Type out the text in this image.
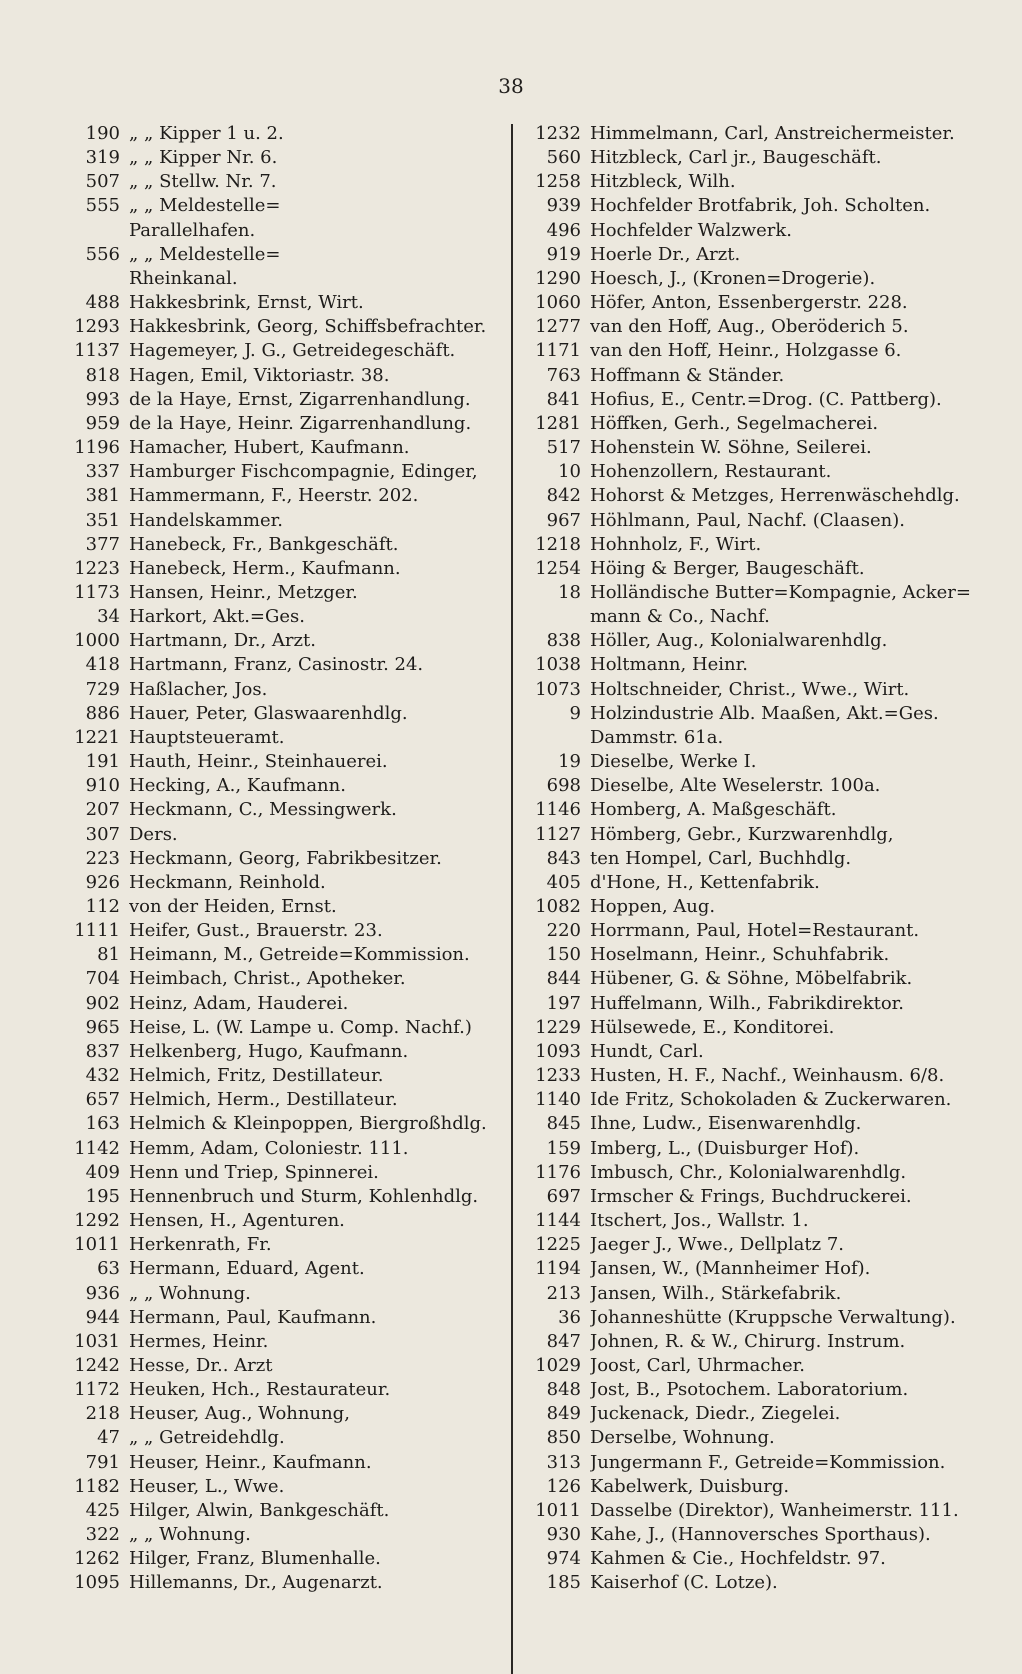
38
190 „ „ Kipper 1 u. 2.
319 „ „ Kipper Nr. 6.
507 „ „ Stellw. Nr. 7.
555 „ „ Meldestelle=
Parallelhafen.
556 „ „ Meldestelle=
Rheinkanal.
488 Hakkesbrink, Ernst, Wirt.
1293 Hakkesbrink, Georg, Schiffsbefrachter.
1137 Hagemeyer, J. G., Getreidegeschäft.
818 Hagen, Emil, Viktoriastr. 38.
993 de la Haye, Ernst, Zigarrenhandlung.
959 de la Haye, Heinr. Zigarrenhandlung.
1196 Hamacher, Hubert, Kaufmann.
337 Hamburger Fischcompagnie, Edinger,
381 Hammermann, F., Heerstr. 202.
351 Handelskammer.
377 Hanebeck, Fr., Bankgeschäft.
1223 Hanebeck, Herm., Kaufmann.
1173 Hansen, Heinr., Metzger.
34 Harkort, Akt.=Ges.
1000 Hartmann, Dr., Arzt.
418 Hartmann, Franz, Casinostr. 24.
729 Haßlacher, Jos.
886 Hauer, Peter, Glaswaarenhdlg.
1221 Hauptsteueramt.
191 Hauth, Heinr., Steinhauerei.
910 Hecking, A., Kaufmann.
207 Heckmann, C., Messingwerk.
307 Ders.
223 Heckmann, Georg, Fabrikbesitzer.
926 Heckmann, Reinhold.
112 von der Heiden, Ernst.
1111 Heifer, Gust., Brauerstr. 23.
81 Heimann, M., Getreide=Kommission.
704 Heimbach, Christ., Apotheker.
902 Heinz, Adam, Hauderei.
965 Heise, L. (W. Lampe u. Comp. Nachf.)
837 Helkenberg, Hugo, Kaufmann.
432 Helmich, Fritz, Destillateur.
657 Helmich, Herm., Destillateur.
163 Helmich & Kleinpoppen, Biergroßhdlg.
1142 Hemm, Adam, Coloniestr. 111.
409 Henn und Triep, Spinnerei.
195 Hennenbruch und Sturm, Kohlenhdlg.
1292 Hensen, H., Agenturen.
1011 Herkenrath, Fr.
63 Hermann, Eduard, Agent.
936 „ „ Wohnung.
944 Hermann, Paul, Kaufmann.
1031 Hermes, Heinr.
1242 Hesse, Dr.. Arzt
1172 Heuken, Hch., Restaurateur.
218 Heuser, Aug., Wohnung,
47 „ „ Getreidehdlg.
791 Heuser, Heinr., Kaufmann.
1182 Heuser, L., Wwe.
425 Hilger, Alwin, Bankgeschäft.
322 „ „ Wohnung.
1262 Hilger, Franz, Blumenhalle.
1095 Hillemanns, Dr., Augenarzt.
1232 Himmelmann, Carl, Anstreichermeister.
560 Hitzbleck, Carl jr., Baugeschäft.
1258 Hitzbleck, Wilh.
939 Hochfelder Brotfabrik, Joh. Scholten.
496 Hochfelder Walzwerk.
919 Hoerle Dr., Arzt.
1290 Hoesch, J., (Kronen=Drogerie).
1060 Höfer, Anton, Essenbergerstr. 228.
1277 van den Hoff, Aug., Oberöderich 5.
1171 van den Hoff, Heinr., Holzgasse 6.
763 Hoffmann & Ständer.
841 Hofius, E., Centr.=Drog. (C. Pattberg).
1281 Höffken, Gerh., Segelmacherei.
517 Hohenstein W. Söhne, Seilerei.
10 Hohenzollern, Restaurant.
842 Hohorst & Metzges, Herrenwäschehdlg.
967 Höhlmann, Paul, Nachf. (Claasen).
1218 Hohnholz, F., Wirt.
1254 Höing & Berger, Baugeschäft.
18 Holländische Butter=Kompagnie, Acker=
mann & Co., Nachf.
838 Höller, Aug., Kolonialwarenhdlg.
1038 Holtmann, Heinr.
1073 Holtschneider, Christ., Wwe., Wirt.
9 Holzindustrie Alb. Maaßen, Akt.=Ges.
Dammstr. 61a.
19 Dieselbe, Werke I.
698 Dieselbe, Alte Weselerstr. 100a.
1146 Homberg, A. Maßgeschäft.
1127 Hömberg, Gebr., Kurzwarenhdlg,
843 ten Hompel, Carl, Buchhdlg.
405 d'Hone, H., Kettenfabrik.
1082 Hoppen, Aug.
220 Horrmann, Paul, Hotel=Restaurant.
150 Hoselmann, Heinr., Schuhfabrik.
844 Hübener, G. & Söhne, Möbelfabrik.
197 Huffelmann, Wilh., Fabrikdirektor.
1229 Hülsewede, E., Konditorei.
1093 Hundt, Carl.
1233 Husten, H. F., Nachf., Weinhausm. 6/8.
1140 Ide Fritz, Schokoladen & Zuckerwaren.
845 Ihne, Ludw., Eisenwarenhdlg.
159 Imberg, L., (Duisburger Hof).
1176 Imbusch, Chr., Kolonialwarenhdlg.
697 Irmscher & Frings, Buchdruckerei.
1144 Itschert, Jos., Wallstr. 1.
1225 Jaeger J., Wwe., Dellplatz 7.
1194 Jansen, W., (Mannheimer Hof).
213 Jansen, Wilh., Stärkefabrik.
36 Johanneshütte (Kruppsche Verwaltung).
847 Johnen, R. & W., Chirurg. Instrum.
1029 Joost, Carl, Uhrmacher.
848 Jost, B., Psotochem. Laboratorium.
849 Juckenack, Diedr., Ziegelei.
850 Derselbe, Wohnung.
313 Jungermann F., Getreide=Kommission.
126 Kabelwerk, Duisburg.
1011 Dasselbe (Direktor), Wanheimerstr. 111.
930 Kahe, J., (Hannoversches Sporthaus).
974 Kahmen & Cie., Hochfeldstr. 97.
185 Kaiserhof (C. Lotze).
